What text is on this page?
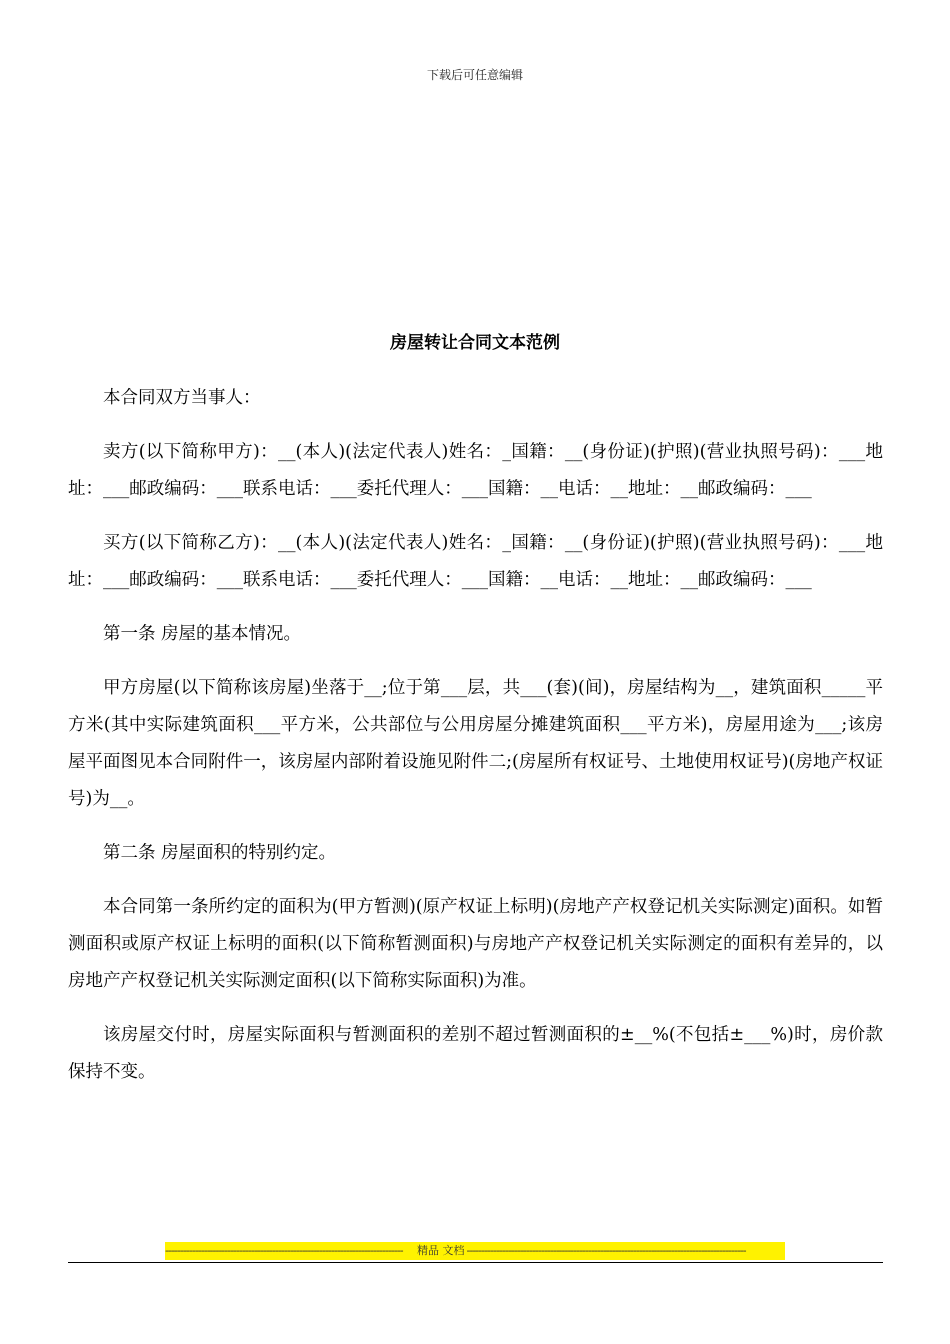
下载后可任意编辑
房屋转让合同文本范例

本合同双方当事人：

卖方(以下简称甲方)：__(本人)(法定代表人)姓名：_国籍：__(身份证)(护照)(营业执照号码)：___地址：___邮政编码：___联系电话：___委托代理人：___国籍：__电话：__地址：__邮政编码：___

买方(以下简称乙方)：__(本人)(法定代表人)姓名：_国籍：__(身份证)(护照)(营业执照号码)：___地址：___邮政编码：___联系电话：___委托代理人：___国籍：__电话：__地址：__邮政编码：___

第一条 房屋的基本情况。

甲方房屋(以下简称该房屋)坐落于__;位于第___层，共___(套)(间)，房屋结构为__，建筑面积_____平方米(其中实际建筑面积___平方米，公共部位与公用房屋分摊建筑面积___平方米)，房屋用途为___;该房屋平面图见本合同附件一，该房屋内部附着设施见附件二;(房屋所有权证号、土地使用权证号)(房地产权证号)为__。

第二条 房屋面积的特别约定。

本合同第一条所约定的面积为(甲方暂测)(原产权证上标明)(房地产产权登记机关实际测定)面积。如暂测面积或原产权证上标明的面积(以下简称暂测面积)与房地产产权登记机关实际测定的面积有差异的，以房地产产权登记机关实际测定面积(以下简称实际面积)为准。

该房屋交付时，房屋实际面积与暂测面积的差别不超过暂测面积的±__%(不包括±___%)时，房价款保持不变。

-------------------------------------------------------------------------------- 精品 文档 ----------------------------------------------------------------------------------------------
